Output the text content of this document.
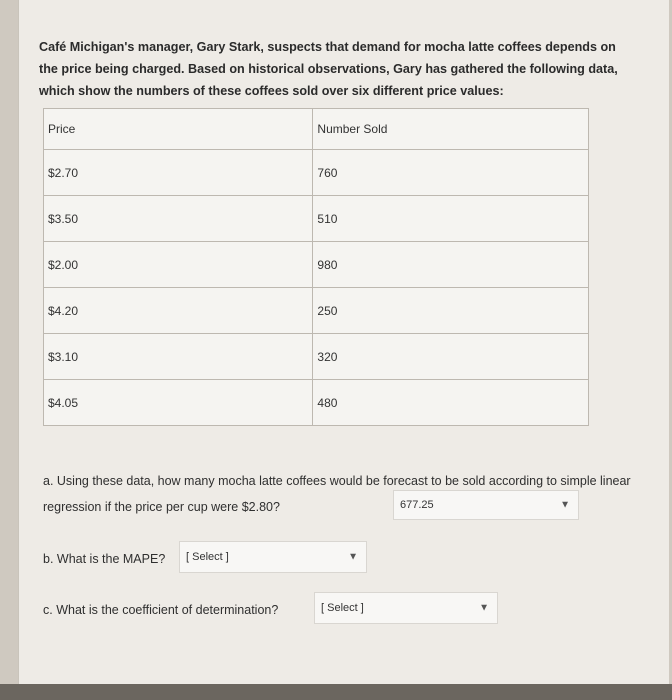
Café Michigan's manager, Gary Stark, suspects that demand for mocha latte coffees depends on the price being charged. Based on historical observations, Gary has gathered the following data, which show the numbers of these coffees sold over six different price values:

Price	Number Sold
$2.70	760
$3.50	510
$2.00	980
$4.20	250
$3.10	320
$4.05	480

a. Using these data, how many mocha latte coffees would be forecast to be sold according to simple linear regression if the price per cup were $2.80?	677.25	▼

b. What is the MAPE? [ Select ]	▼

c. What is the coefficient of determination?	[ Select ]	▼
